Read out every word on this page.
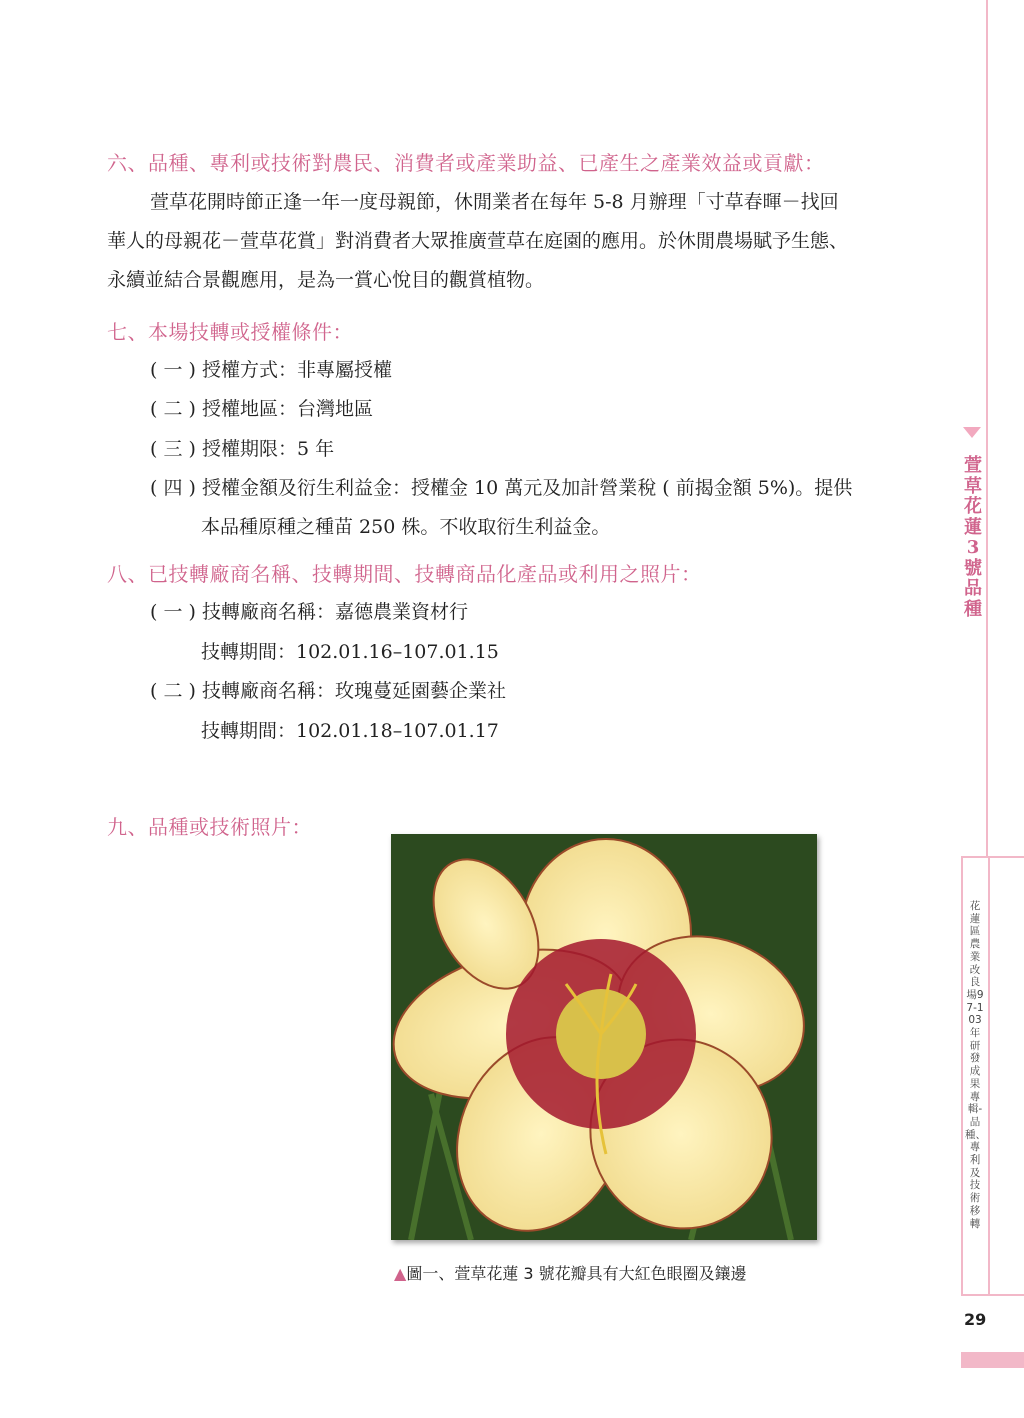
六、品種、專利或技術對農民、消費者或產業助益、已產生之產業效益或貢獻：
萱草花開時節正逢一年一度母親節，休閒業者在每年 5-8 月辦理「寸草春暉－找回
華人的母親花－萱草花賞」對消費者大眾推廣萱草在庭園的應用。於休閒農場賦予生態、
永續並結合景觀應用，是為一賞心悅目的觀賞植物。
七、本場技轉或授權條件：
( 一 ) 授權方式：非專屬授權
( 二 ) 授權地區：台灣地區
( 三 ) 授權期限：5 年
( 四 ) 授權金額及衍生利益金：授權金 10 萬元及加計營業稅 ( 前揭金額 5%)。提供
本品種原種之種苗 250 株。不收取衍生利益金。
八、已技轉廠商名稱、技轉期間、技轉商品化產品或利用之照片：
( 一 ) 技轉廠商名稱：嘉德農業資材行
技轉期間：102.01.16–107.01.15
( 二 ) 技轉廠商名稱：玫瑰蔓延園藝企業社
技轉期間：102.01.18–107.01.17
九、品種或技術照片：
▲圖一、萱草花蓮 3 號花瓣具有大紅色眼圈及鑲邊
萱草花蓮3號品種
花蓮區農業改良場97-103年研發成果專輯-品種、專利及技術移轉
29
